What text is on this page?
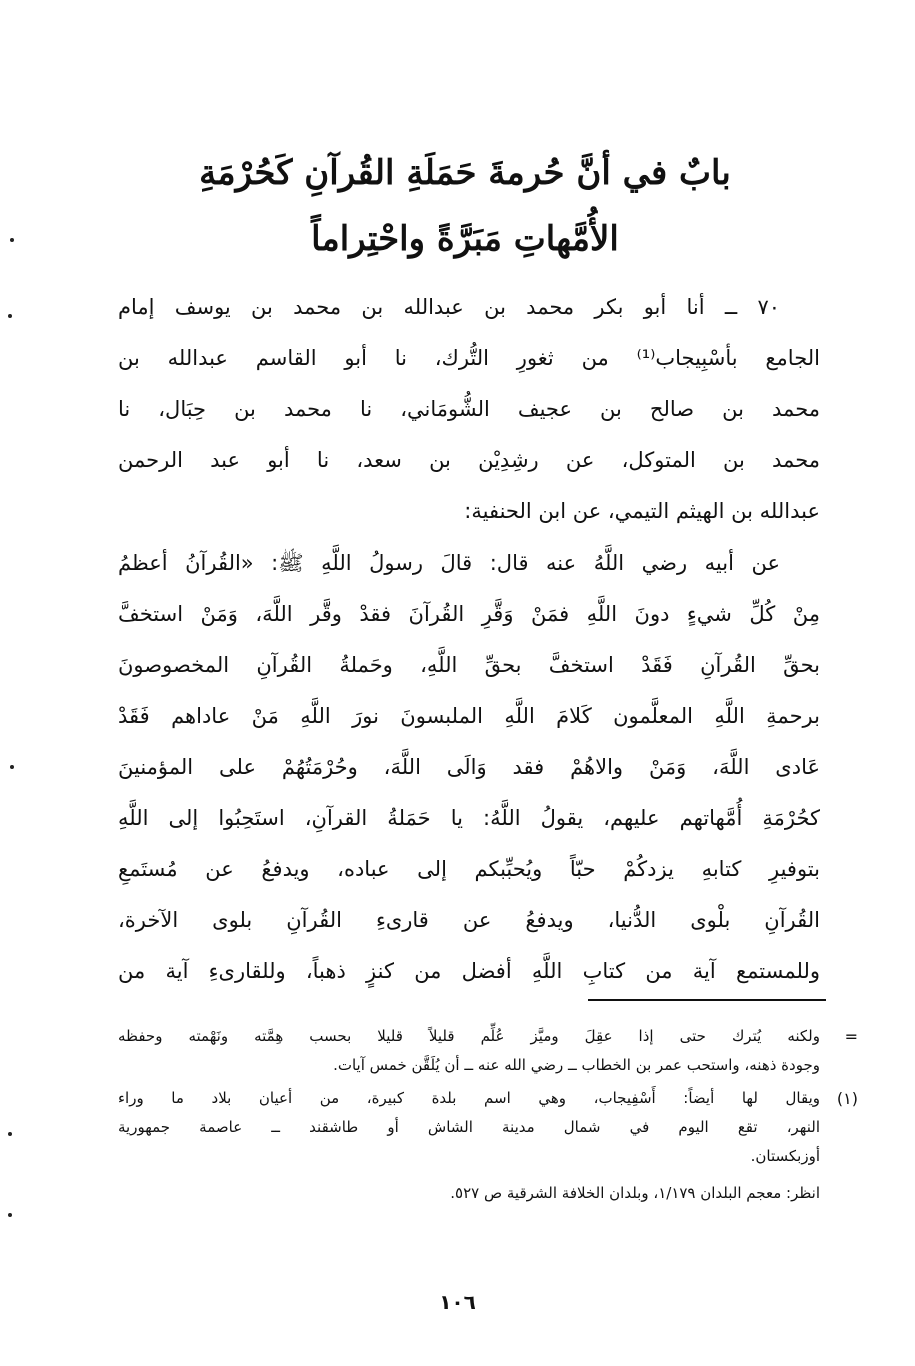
بابٌ في أنَّ حُرمةَ حَمَلَةِ القُرآنِ كَحُرْمَةِ
الأُمَّهاتِ مَبَرَّةً واحْتِراماً
٧٠ ــ أنا أبو بكر محمد بن عبدالله بن محمد بن يوسف إمام
الجامع بأسْبِيجاب⁽¹⁾ من ثغورِ التُّرك، نا أبو القاسم عبدالله بن
محمد بن صالح بن عجيف الشُّومَاني، نا محمد بن حِبَال، نا
محمد بن المتوكل، عن رشِدِيْن بن سعد، نا أبو عبد الرحمن
عبدالله بن الهيثم التيمي، عن ابن الحنفية:
عن أبيه رضي اللَّهُ عنه قال: قالَ رسولُ اللَّهِ ﷺ: «القُرآنُ أعظمُ
مِنْ كُلِّ شيءٍ دونَ اللَّهِ فمَنْ وَقَّرِ القُرآنَ فقدْ وقَّر اللَّهَ، وَمَنْ استخفَّ
بحقِّ القُرآنِ فَقَدْ استخفَّ بحقِّ اللَّهِ، وحَملةُ القُرآنِ المخصوصونَ
برحمةِ اللَّهِ المعلَّمون كَلامَ اللَّهِ الملبسونَ نورَ اللَّهِ مَنْ عاداهم فَقَدْ
عَادى اللَّهَ، وَمَنْ والاهُمْ فقد وَالَى اللَّهَ، وحُرْمَتُهُمْ على المؤمنينَ
كحُرْمَةِ أُمَّهاتهم عليهم، يقولُ اللَّهُ: يا حَمَلةُ القرآنِ، استَحِبُوا إلى اللَّهِ
بتوفيرِ كتابهِ يزدكُمْ حبّاً ويُحبِّبكم إلى عباده، ويدفعُ عن مُستَمعِ
القُرآنِ بلْوى الدُّنيا، ويدفعُ عن قارىءِ القُرآنِ بلوى الآخرة،
وللمستمع آية من كتابِ اللَّهِ أفضل من كنزٍ ذهباً، وللقارىءِ آية من
=
ولكنه يُترك حتى إذا عقِلَ وميَّز عُلِّم قليلاً قليلا بحسب هِمَّته ونَهْمته وحفظه
وجودة ذهنه، واستحب عمر بن الخطاب ــ رضي الله عنه ــ أن يُلَقَّن خمس آيات.
(١)
ويقال لها أيضاً: أَسْفِيجاب، وهي اسم بلدة كبيرة، من أعيان بلاد ما وراء
النهر، تقع اليوم في شمال مدينة الشاش أو طاشقند ــ عاصمة جمهورية
أوزبكستان.
انظر: معجم البلدان ١/١٧٩، وبلدان الخلافة الشرقية ص ٥٢٧.
١٠٦
